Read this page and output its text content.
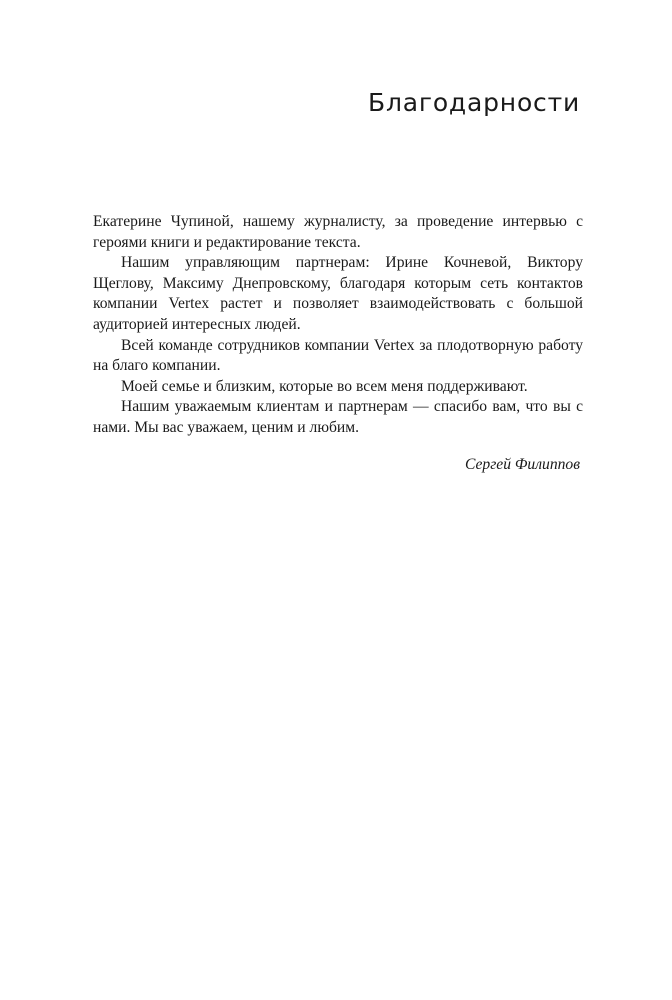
Благодарности

Екатерине Чупиной, нашему журналисту, за проведение интервью с героями книги и редактирование текста.

Нашим управляющим партнерам: Ирине Кочневой, Виктору Щеглову, Максиму Днепровскому, благодаря которым сеть контактов компании Vertex растет и позволяет взаимодействовать с большой аудиторией интересных людей.

Всей команде сотрудников компании Vertex за плодотворную работу на благо компании.

Моей семье и близким, которые во всем меня поддерживают.

Нашим уважаемым клиентам и партнерам — спасибо вам, что вы с нами. Мы вас уважаем, ценим и любим.

Сергей Филиппов
